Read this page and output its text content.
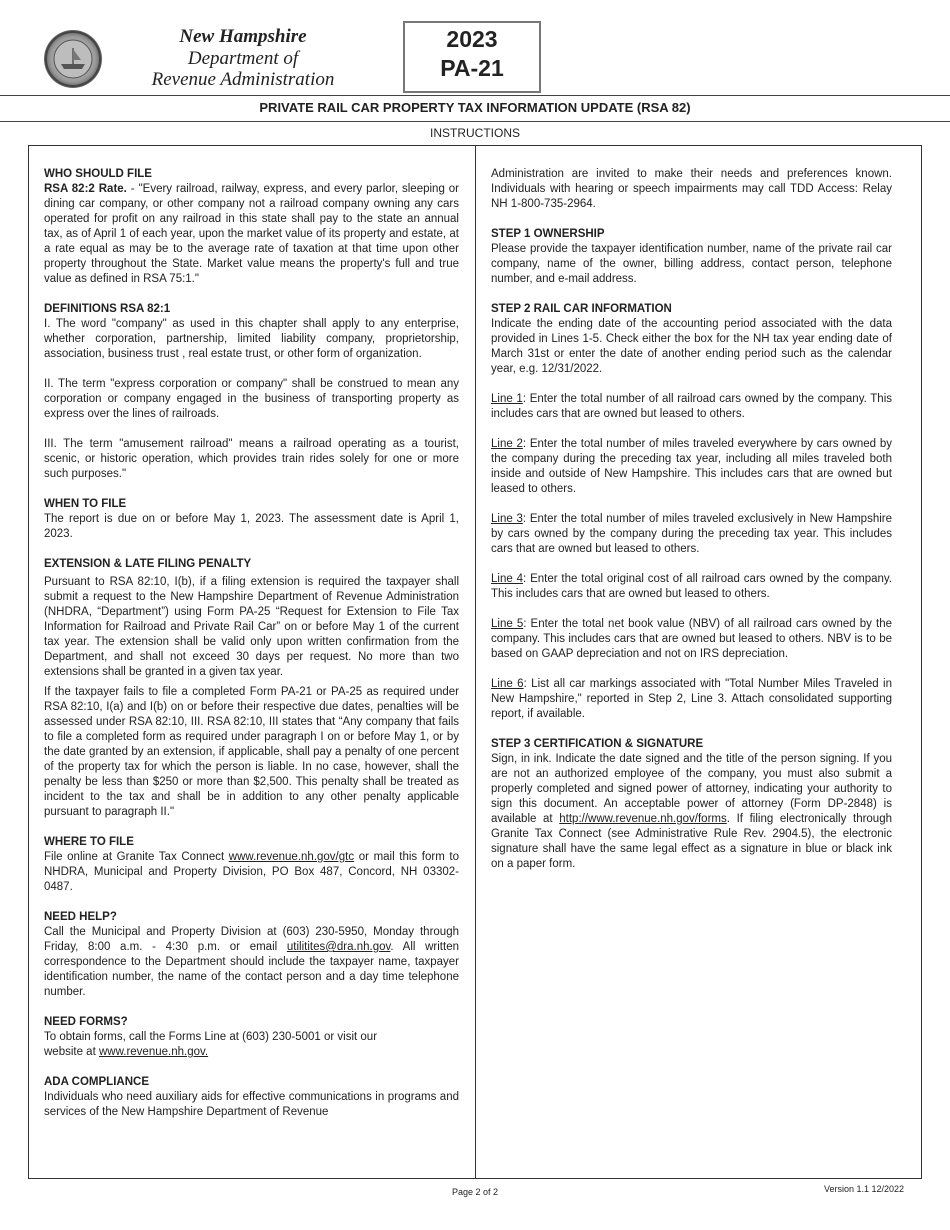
New Hampshire
Department of
Revenue Administration
2023
PA-21
PRIVATE RAIL CAR PROPERTY TAX INFORMATION UPDATE (RSA 82)
INSTRUCTIONS
WHO SHOULD FILE

RSA 82:2 Rate. - "Every railroad, railway, express, and every parlor, sleeping or dining car company, or other company not a railroad company owning any cars operated for profit on any railroad in this state shall pay to the state an annual tax, as of April 1 of each year, upon the market value of its property and estate, at a rate equal as may be to the average rate of taxation at that time upon other property throughout the State. Market value means the property's full and true value as defined in RSA 75:1."

DEFINITIONS RSA 82:1

I. The word "company" as used in this chapter shall apply to any enterprise, whether corporation, partnership, limited liability company, proprietorship, association, business trust , real estate trust, or other form of organization.

II. The term "express corporation or company" shall be construed to mean any corporation or company engaged in the business of transporting property as express over the lines of railroads.

III. The term "amusement railroad" means a railroad operating as a tourist, scenic, or historic operation, which provides train rides solely for one or more such purposes."

WHEN TO FILE

The report is due on or before May 1, 2023. The assessment date is April 1, 2023.

EXTENSION & LATE FILING PENALTY

Pursuant to RSA 82:10, I(b), if a filing extension is required the taxpayer shall submit a request to the New Hampshire Department of Revenue Administration (NHDRA, “Department”) using Form PA-25 “Request for Extension to File Tax Information for Railroad and Private Rail Car” on or before May 1 of the current tax year. The extension shall be valid only upon written confirmation from the Department, and shall not exceed 30 days per request. No more than two extensions shall be granted in a given tax year.

If the taxpayer fails to file a completed Form PA-21 or PA-25 as required under RSA 82:10, I(a) and I(b) on or before their respective due dates, penalties will be assessed under RSA 82:10, III. RSA 82:10, III states that “Any company that fails to file a completed form as required under paragraph I on or before May 1, or by the date granted by an extension, if applicable, shall pay a penalty of one percent of the property tax for which the person is liable. In no case, however, shall the penalty be less than $250 or more than $2,500. This penalty shall be treated as incident to the tax and shall be in addition to any other penalty applicable pursuant to paragraph II."

WHERE TO FILE

File online at Granite Tax Connect www.revenue.nh.gov/gtc or mail this form to NHDRA, Municipal and Property Division, PO Box 487, Concord, NH 03302-0487.

NEED HELP?

Call the Municipal and Property Division at (603) 230-5950, Monday through Friday, 8:00 a.m. - 4:30 p.m. or email utilitites@dra.nh.gov. All written correspondence to the Department should include the taxpayer name, taxpayer identification number, the name of the contact person and a day time telephone number.

NEED FORMS?

To obtain forms, call the Forms Line at (603) 230-5001 or visit our
website at www.revenue.nh.gov.

ADA COMPLIANCE

Individuals who need auxiliary aids for effective communications in programs and services of the New Hampshire Department of Revenue

Administration are invited to make their needs and preferences known. Individuals with hearing or speech impairments may call TDD Access: Relay NH 1-800-735-2964.

STEP 1 OWNERSHIP

Please provide the taxpayer identification number, name of the private rail car company, name of the owner, billing address, contact person, telephone number, and e-mail address.

STEP 2 RAIL CAR INFORMATION

Indicate the ending date of the accounting period associated with the data provided in Lines 1-5. Check either the box for the NH tax year ending date of March 31st or enter the date of another ending period such as the calendar year, e.g. 12/31/2022.

Line 1: Enter the total number of all railroad cars owned by the company. This includes cars that are owned but leased to others.

Line 2: Enter the total number of miles traveled everywhere by cars owned by the company during the preceding tax year, including all miles traveled both inside and outside of New Hampshire. This includes cars that are owned but leased to others.

Line 3: Enter the total number of miles traveled exclusively in New Hampshire by cars owned by the company during the preceding tax year. This includes cars that are owned but leased to others.

Line 4: Enter the total original cost of all railroad cars owned by the company. This includes cars that are owned but leased to others.

Line 5: Enter the total net book value (NBV) of all railroad cars owned by the company. This includes cars that are owned but leased to others. NBV is to be based on GAAP depreciation and not on IRS depreciation.

Line 6: List all car markings associated with "Total Number Miles Traveled in New Hampshire," reported in Step 2, Line 3. Attach consolidated supporting report, if available.

STEP 3 CERTIFICATION & SIGNATURE

Sign, in ink. Indicate the date signed and the title of the person signing. If you are not an authorized employee of the company, you must also submit a properly completed and signed power of attorney, indicating your authority to sign this document. An acceptable power of attorney (Form DP-2848) is available at http://www.revenue.nh.gov/forms. If filing electronically through Granite Tax Connect (see Administrative Rule Rev. 2904.5), the electronic signature shall have the same legal effect as a signature in blue or black ink on a paper form.

Page 2 of 2	Version 1.1 12/2022
